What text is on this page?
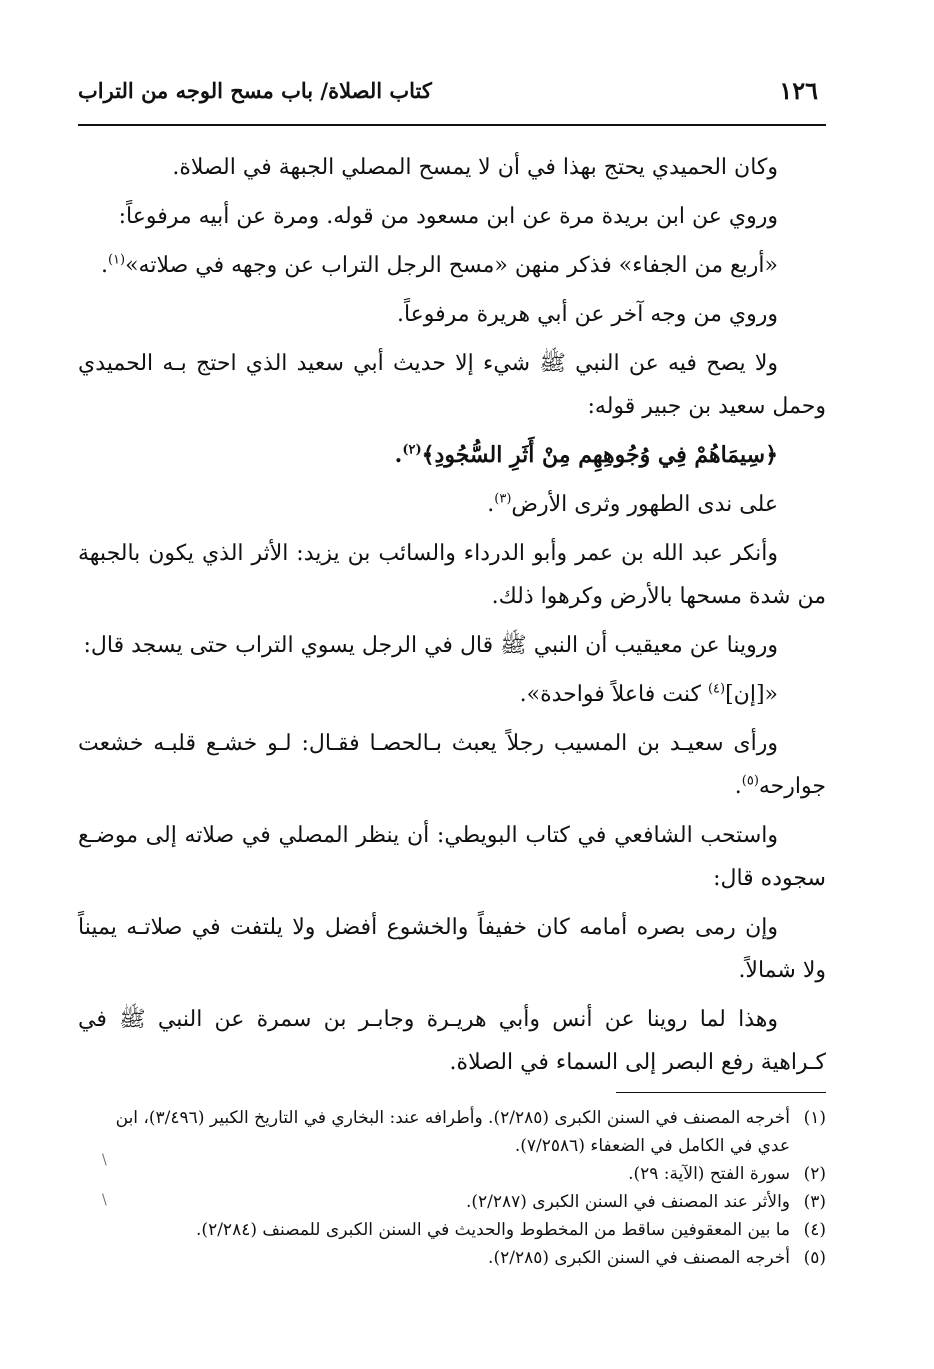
١٢٦
كتاب الصلاة/ باب مسح الوجه من التراب

وكان الحميدي يحتج بهذا في أن لا يمسح المصلي الجبهة في الصلاة.

وروي عن ابن بريدة مرة عن ابن مسعود من قوله. ومرة عن أبيه مرفوعاً:

«أربع من الجفاء» فذكر منهن «مسح الرجل التراب عن وجهه في صلاته»$^{(١)}$.

وروي من وجه آخر عن أبي هريرة مرفوعاً.

ولا يصح فيه عن النبي ﷺ شيء إلا حديث أبي سعيد الذي احتج بـه الحميدي وحمل سعيد بن جبير قوله:

﴿سِيمَاهُمْ فِي وُجُوهِهِم مِنْ أَثَرِ السُّجُودِ﴾$^{(٢)}$.

على ندى الطهور وثرى الأرض$^{(٣)}$.

وأنكر عبد الله بن عمر وأبو الدرداء والسائب بن يزيد: الأثر الذي يكون بالجبهة من شدة مسحها بالأرض وكرهوا ذلك.

وروينا عن معيقيب أن النبي ﷺ قال في الرجل يسوي التراب حتى يسجد قال:

«[إن]$^{(٤)}$ كنت فاعلاً فواحدة».

ورأى سعيـد بن المسيب رجلاً يعبث بـالحصـا فقـال: لـو خشـع قلبـه خشعت جوارحه$^{(٥)}$.

واستحب الشافعي في كتاب البويطي: أن ينظر المصلي في صلاته إلى موضـع سجوده قال:

وإن رمى بصره أمامه كان خفيفاً والخشوع أفضل ولا يلتفت في صلاتـه يميناً ولا شمالاً.

وهذا لما روينا عن أنس وأبي هريـرة وجابـر بن سمرة عن النبي ﷺ في كـراهية رفع البصر إلى السماء في الصلاة.

(١)أخرجه المصنف في السنن الكبرى (٢/٢٨٥). وأطرافه عند: البخاري في التاريخ الكبير (٣/٤٩٦)، ابن عدي في الكامل في الضعفاء (٧/٢٥٨٦).

(٢)سورة الفتح (الآية: ٢٩).

(٣)والأثر عند المصنف في السنن الكبرى (٢/٢٨٧).

(٤)ما بين المعقوفين ساقط من المخطوط والحديث في السنن الكبرى للمصنف (٢/٢٨٤).

(٥)أخرجه المصنف في السنن الكبرى (٢/٢٨٥).

\
\
